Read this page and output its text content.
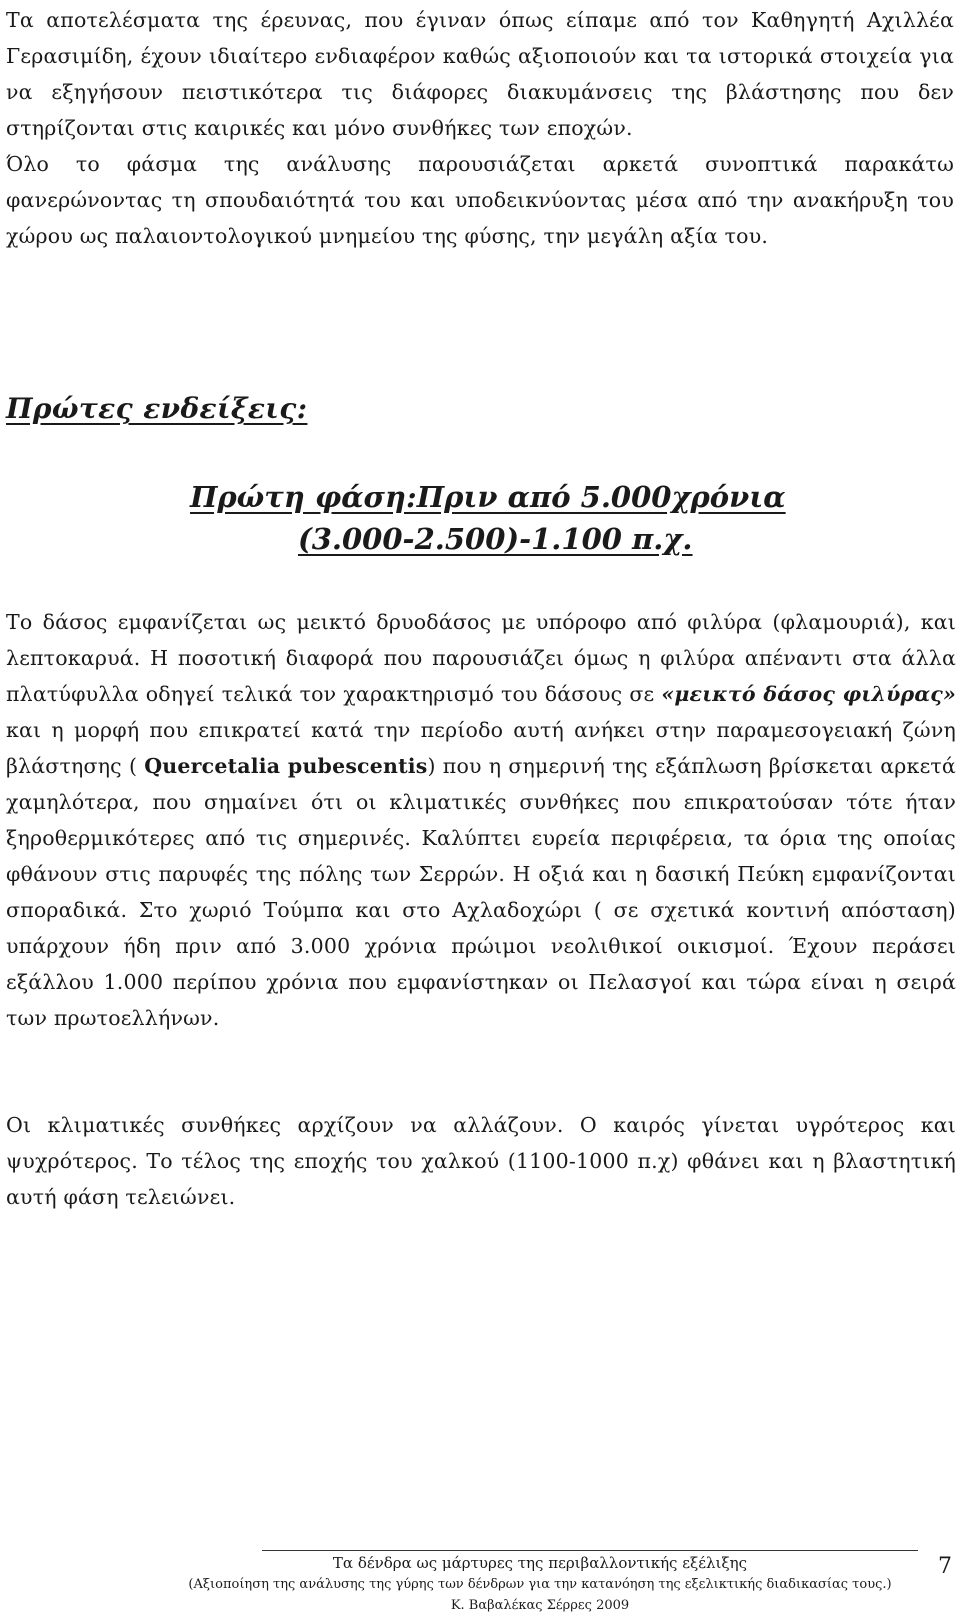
Τα αποτελέσματα της έρευνας, που έγιναν όπως είπαμε από τον Καθηγητή Αχιλλέα Γερασιμίδη, έχουν ιδιαίτερο ενδιαφέρον καθώς αξιοποιούν και τα ιστορικά στοιχεία για να εξηγήσουν πειστικότερα τις διάφορες διακυμάνσεις της βλάστησης που δεν στηρίζονται στις καιρικές και μόνο συνθήκες των εποχών.

Όλο το φάσμα της ανάλυσης παρουσιάζεται αρκετά συνοπτικά παρακάτω φανερώνοντας τη σπουδαιότητά του και υποδεικνύοντας μέσα από την ανακήρυξη του χώρου ως παλαιοντολογικού μνημείου της φύσης, την μεγάλη αξία του.

Πρώτες ενδείξεις:
Πρώτη φάση:Πριν από 5.000χρόνια
(3.000-2.500)-1.100 π.χ.

Το δάσος εμφανίζεται ως μεικτό δρυοδάσος με υπόροφο από φιλύρα (φλαμουριά), και λεπτοκαρυά. Η ποσοτική διαφορά που παρουσιάζει όμως η φιλύρα απέναντι στα άλλα πλατύφυλλα οδηγεί τελικά τον χαρακτηρισμό του δάσους σε «μεικτό δάσος φιλύρας» και η μορφή που επικρατεί κατά την περίοδο αυτή ανήκει στην παραμεσογειακή ζώνη βλάστησης ( Quercetalia pubescentis) που η σημερινή της εξάπλωση βρίσκεται αρκετά χαμηλότερα, που σημαίνει ότι οι κλιματικές συνθήκες που επικρατούσαν τότε ήταν ξηροθερμικότερες από τις σημερινές. Καλύπτει ευρεία περιφέρεια, τα όρια της οποίας φθάνουν στις παρυφές της πόλης των Σερρών. Η οξιά και η δασική Πεύκη εμφανίζονται σποραδικά. Στο χωριό Τούμπα και στο Αχλαδοχώρι ( σε σχετικά κοντινή απόσταση) υπάρχουν ήδη πριν από 3.000 χρόνια πρώιμοι νεολιθικοί οικισμοί. Έχουν περάσει εξάλλου 1.000 περίπου χρόνια που εμφανίστηκαν οι Πελασγοί και τώρα είναι η σειρά των πρωτοελλήνων.

Οι κλιματικές συνθήκες αρχίζουν να αλλάζουν. Ο καιρός γίνεται υγρότερος και ψυχρότερος. Το τέλος της εποχής του χαλκού (1100-1000 π.χ) φθάνει και η βλαστητική αυτή φάση τελειώνει.

Τα δένδρα ως μάρτυρες της περιβαλλοντικής εξέλιξης
(Αξιοποίηση της ανάλυσης της γύρης των δένδρων για την κατανόηση της εξελικτικής διαδικασίας τους.)
Κ. Βαβαλέκας Σέρρες 2009
7
